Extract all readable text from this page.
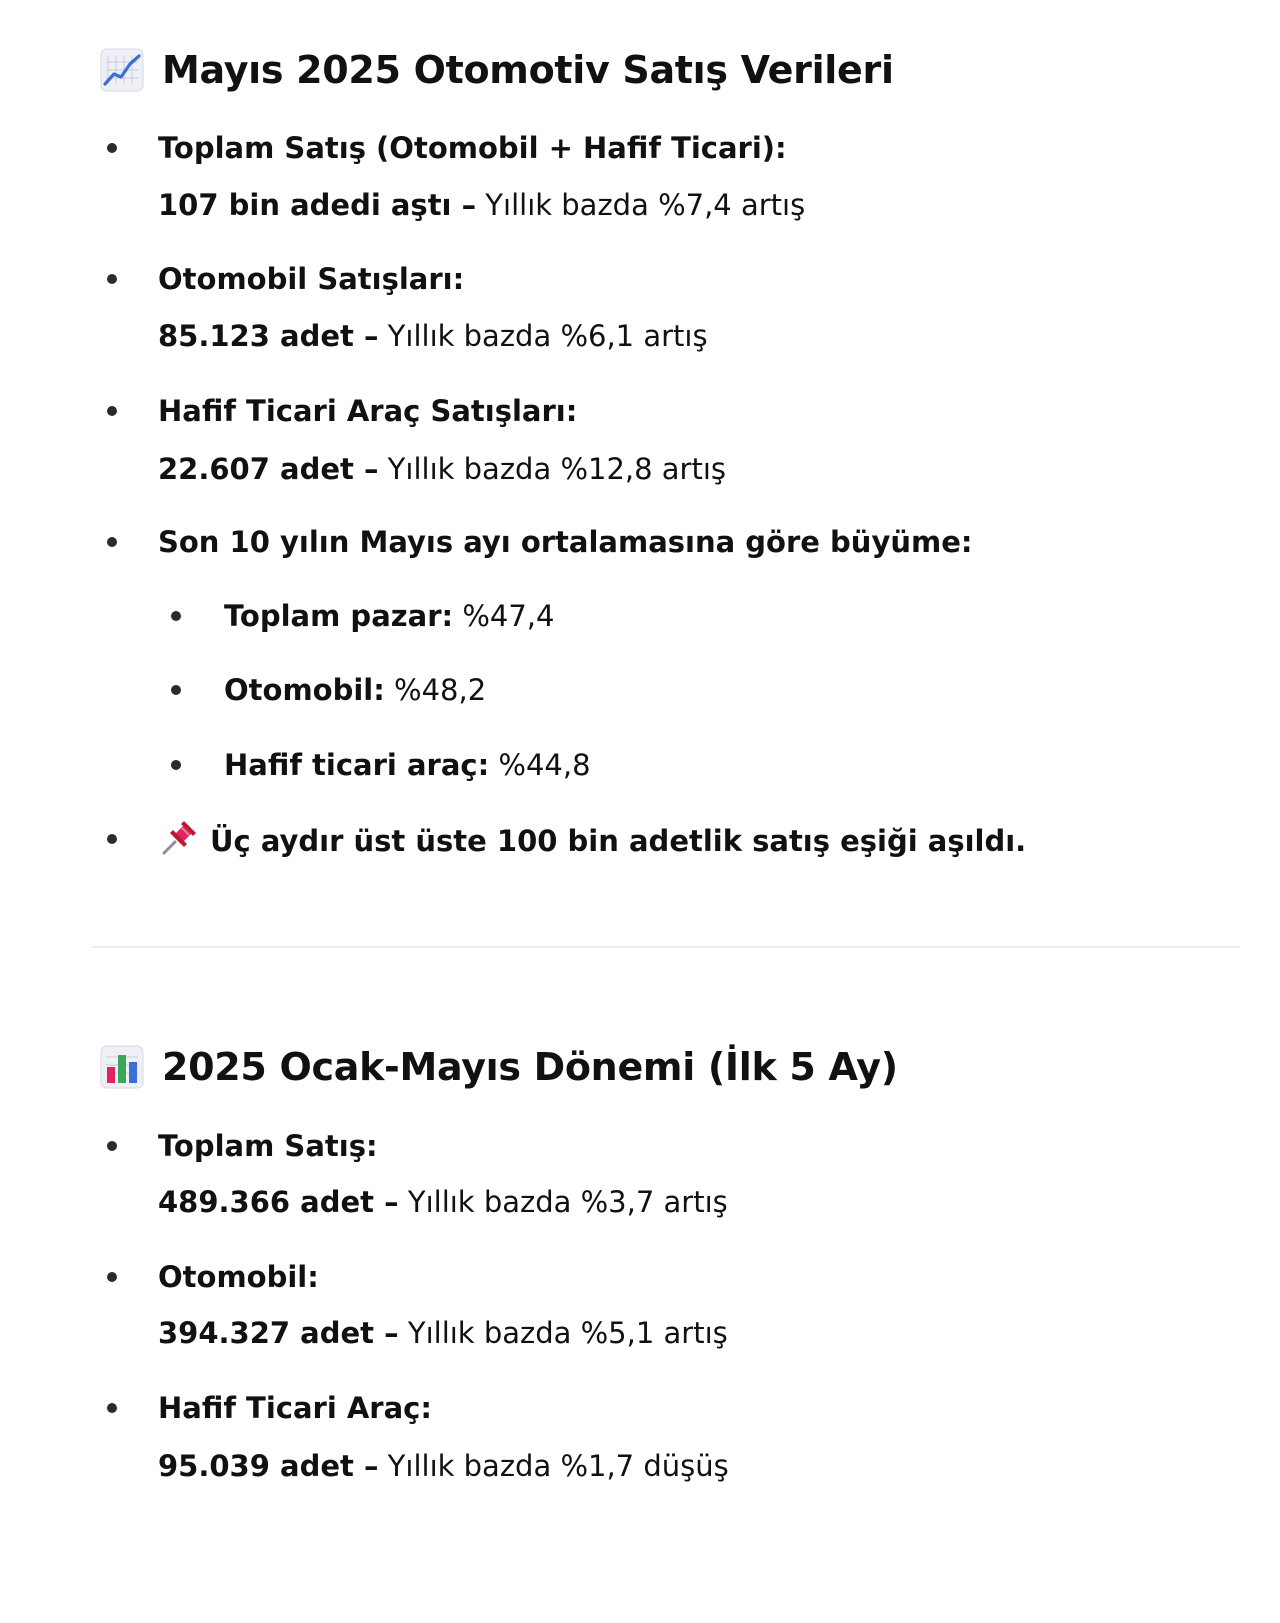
Mayıs 2025 Otomotiv Satış Verileri
Toplam Satış (Otomobil + Hafif Ticari):
107 bin adedi aştı – Yıllık bazda %7,4 artış
Otomobil Satışları:
85.123 adet – Yıllık bazda %6,1 artış
Hafif Ticari Araç Satışları:
22.607 adet – Yıllık bazda %12,8 artış
Son 10 yılın Mayıs ayı ortalamasına göre büyüme:
Toplam pazar: %47,4
Otomobil: %48,2
Hafif ticari araç: %44,8
Üç aydır üst üste 100 bin adetlik satış eşiği aşıldı.
2025 Ocak-Mayıs Dönemi (İlk 5 Ay)
Toplam Satış:
489.366 adet – Yıllık bazda %3,7 artış
Otomobil:
394.327 adet – Yıllık bazda %5,1 artış
Hafif Ticari Araç:
95.039 adet – Yıllık bazda %1,7 düşüş
